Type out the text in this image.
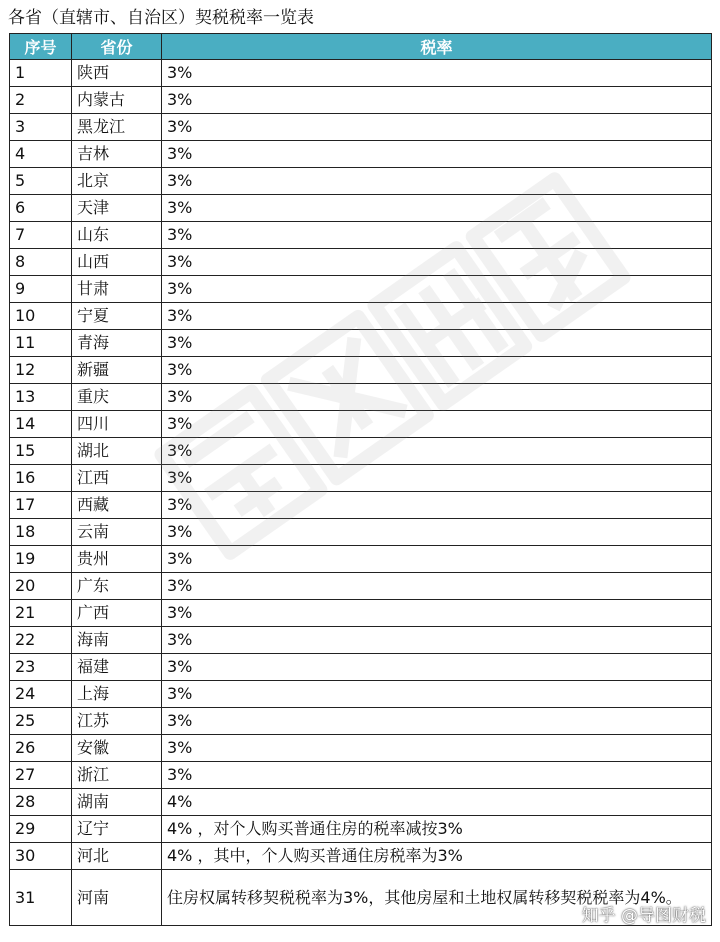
各省（直辖市、自治区）契税税率一览表
序号	省份	税率
1	陕西	3%
2	内蒙古	3%
3	黑龙江	3%
4	吉林	3%
5	北京	3%
6	天津	3%
7	山东	3%
8	山西	3%
9	甘肃	3%
10	宁夏	3%
11	青海	3%
12	新疆	3%
13	重庆	3%
14	四川	3%
15	湖北	3%
16	江西	3%
17	西藏	3%
18	云南	3%
19	贵州	3%
20	广东	3%
21	广西	3%
22	海南	3%
23	福建	3%
24	上海	3%
25	江苏	3%
26	安徽	3%
27	浙江	3%
28	湖南	4%
29	辽宁	4% ，对个人购买普通住房的税率减按3%
30	河北	4% ，其中，个人购买普通住房税率为3%
31	河南	住房权属转移契税税率为3%，其他房屋和土地权属转移契税税率为4%。
知乎 @导图财税
